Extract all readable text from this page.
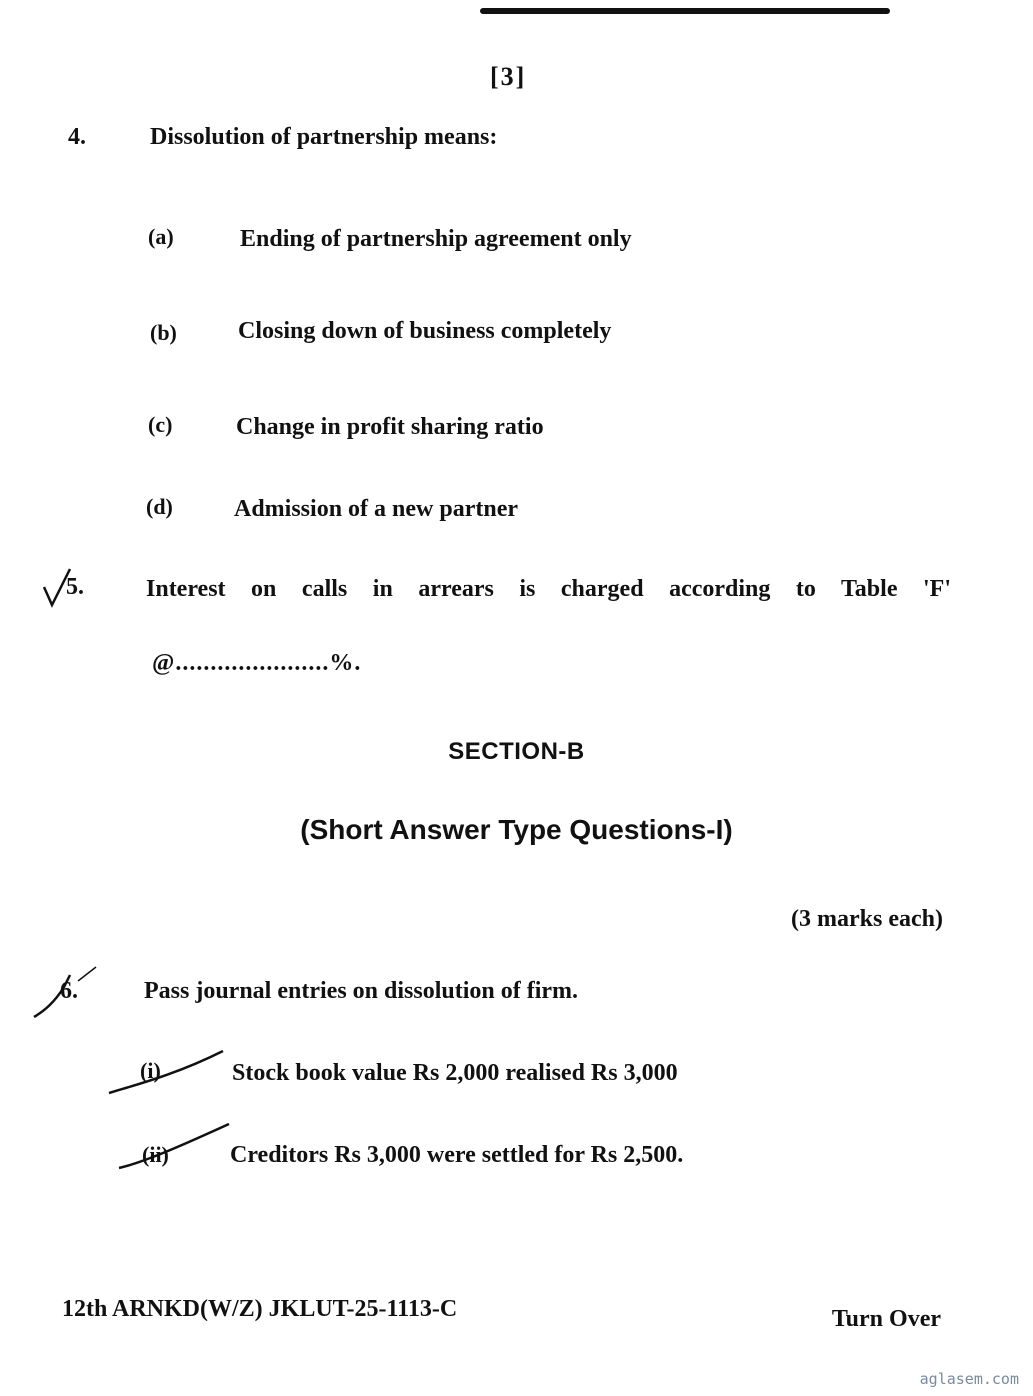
[3]
4.	Dissolution of partnership means:
(a)	Ending of partnership agreement only
(b)	Closing down of business completely
(c)	Change in profit sharing ratio
(d)	Admission of a new partner
5.	Interest on calls in arrears is charged according to Table 'F'
@......................%.
SECTION-B
(Short Answer Type Questions-I)
(3 marks each)
6.	Pass journal entries on dissolution of firm.
(i)	Stock book value Rs 2,000 realised Rs 3,000
(ii)	Creditors Rs 3,000 were settled for Rs 2,500.
12th ARNKD(W/Z) JKLUT-25-1113-C	Turn Over
aglasem.com
